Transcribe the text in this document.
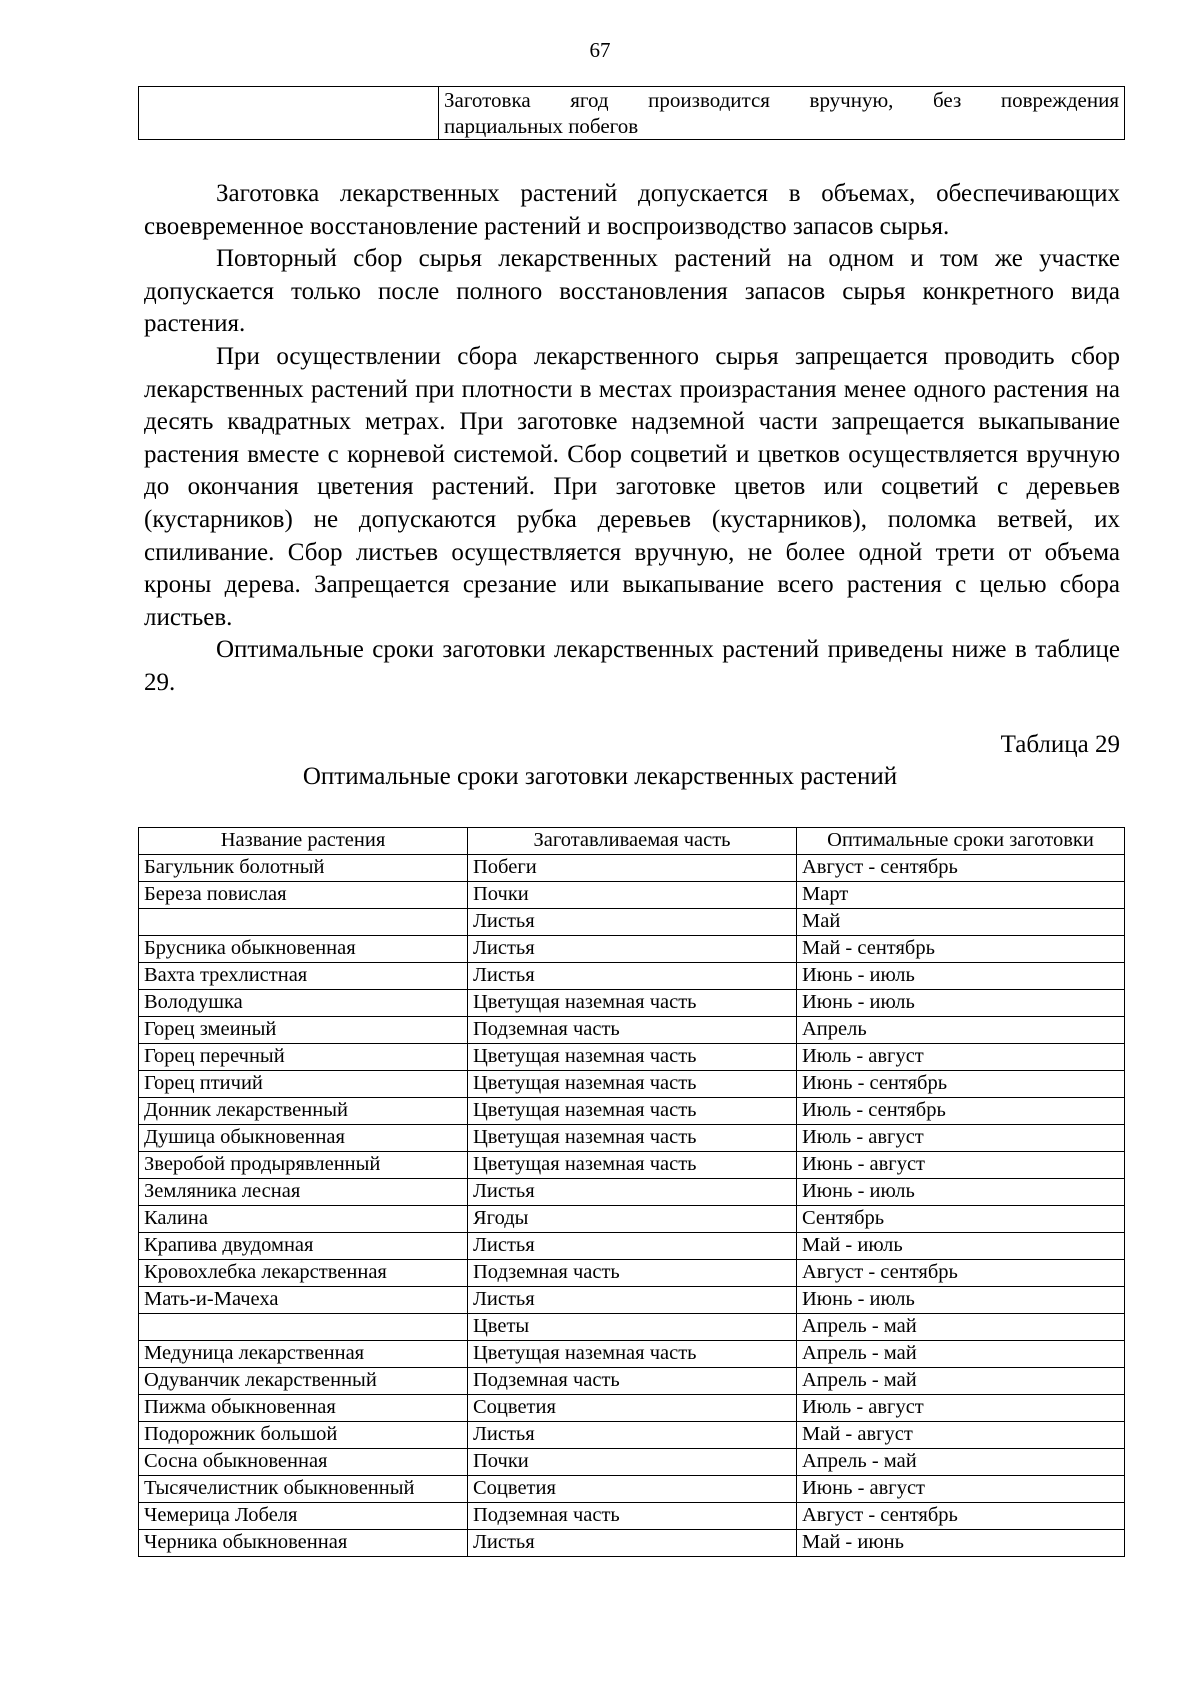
67

Заготовка ягод производится вручную, без повреждения
парциальных побегов

Заготовка лекарственных растений допускается в объемах, обеспечивающих своевременное восстановление растений и воспроизводство запасов сырья.

Повторный сбор сырья лекарственных растений на одном и том же участке допускается только после полного восстановления запасов сырья конкретного вида растения.

При осуществлении сбора лекарственного сырья запрещается проводить сбор лекарственных растений при плотности в местах произрастания менее одного растения на десять квадратных метрах. При заготовке надземной части запрещается выкапывание растения вместе с корневой системой. Сбор соцветий и цветков осуществляется вручную до окончания цветения растений. При заготовке цветов или соцветий с деревьев (кустарников) не допускаются рубка деревьев (кустарников), поломка ветвей, их спиливание. Сбор листьев осуществляется вручную, не более одной трети от объема кроны дерева. Запрещается срезание или выкапывание всего растения с целью сбора листьев.

Оптимальные сроки заготовки лекарственных растений приведены ниже в таблице 29.

Таблица 29
Оптимальные сроки заготовки лекарственных растений
Название растения	Заготавливаемая часть	Оптимальные сроки заготовки
Багульник болотный	Побеги	Август - сентябрь
Береза повислая	Почки	Март
	Листья	Май
Брусника обыкновенная	Листья	Май - сентябрь
Вахта трехлистная	Листья	Июнь - июль
Володушка	Цветущая наземная часть	Июнь - июль
Горец змеиный	Подземная часть	Апрель
Горец перечный	Цветущая наземная часть	Июль - август
Горец птичий	Цветущая наземная часть	Июнь - сентябрь
Донник лекарственный	Цветущая наземная часть	Июль - сентябрь
Душица обыкновенная	Цветущая наземная часть	Июль - август
Зверобой продырявленный	Цветущая наземная часть	Июнь - август
Земляника лесная	Листья	Июнь - июль
Калина	Ягоды	Сентябрь
Крапива двудомная	Листья	Май - июль
Кровохлебка лекарственная	Подземная часть	Август - сентябрь
Мать-и-Мачеха	Листья	Июнь - июль
	Цветы	Апрель - май
Медуница лекарственная	Цветущая наземная часть	Апрель - май
Одуванчик лекарственный	Подземная часть	Апрель - май
Пижма обыкновенная	Соцветия	Июль - август
Подорожник большой	Листья	Май - август
Сосна обыкновенная	Почки	Апрель - май
Тысячелистник обыкновенный	Соцветия	Июнь - август
Чемерица Лобеля	Подземная часть	Август - сентябрь
Черника обыкновенная	Листья	Май - июнь
